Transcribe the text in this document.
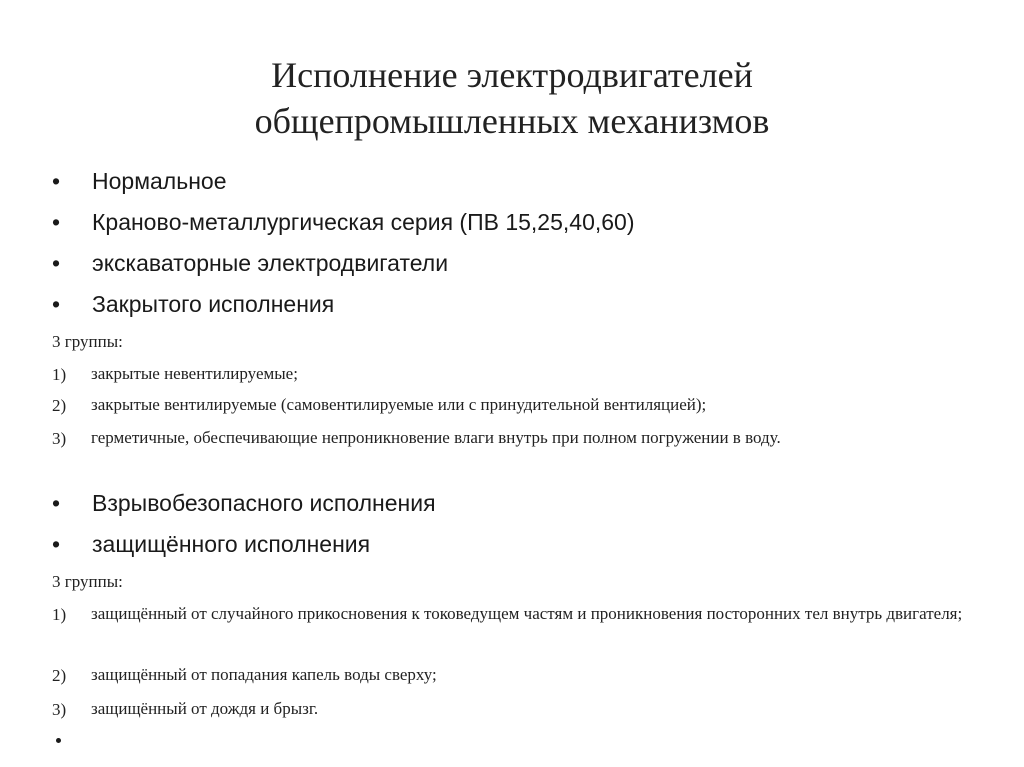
Исполнение электродвигателей
общепромышленных механизмов
• Нормальное
• Крановo-металлургическая серия (ПВ 15,25,40,60)
• экскаваторные электродвигатели
• Закрытого исполнения
3 группы:
1) закрытые невентилируемые;
2) закрытые вентилируемые (самовентилируемые или с принудительной вентиляцией);
3) герметичные, обеспечивающие непроникновение влаги внутрь при полном погружении в воду.
• Взрывобезопасного исполнения
• защищённого исполнения
3 группы:
1) защищённый от случайного прикосновения к токоведущем частям и проникновения посторонних тел внутрь двигателя;
2) защищённый от попадания капель воды сверху;
3) защищённый от дождя и брызг.
